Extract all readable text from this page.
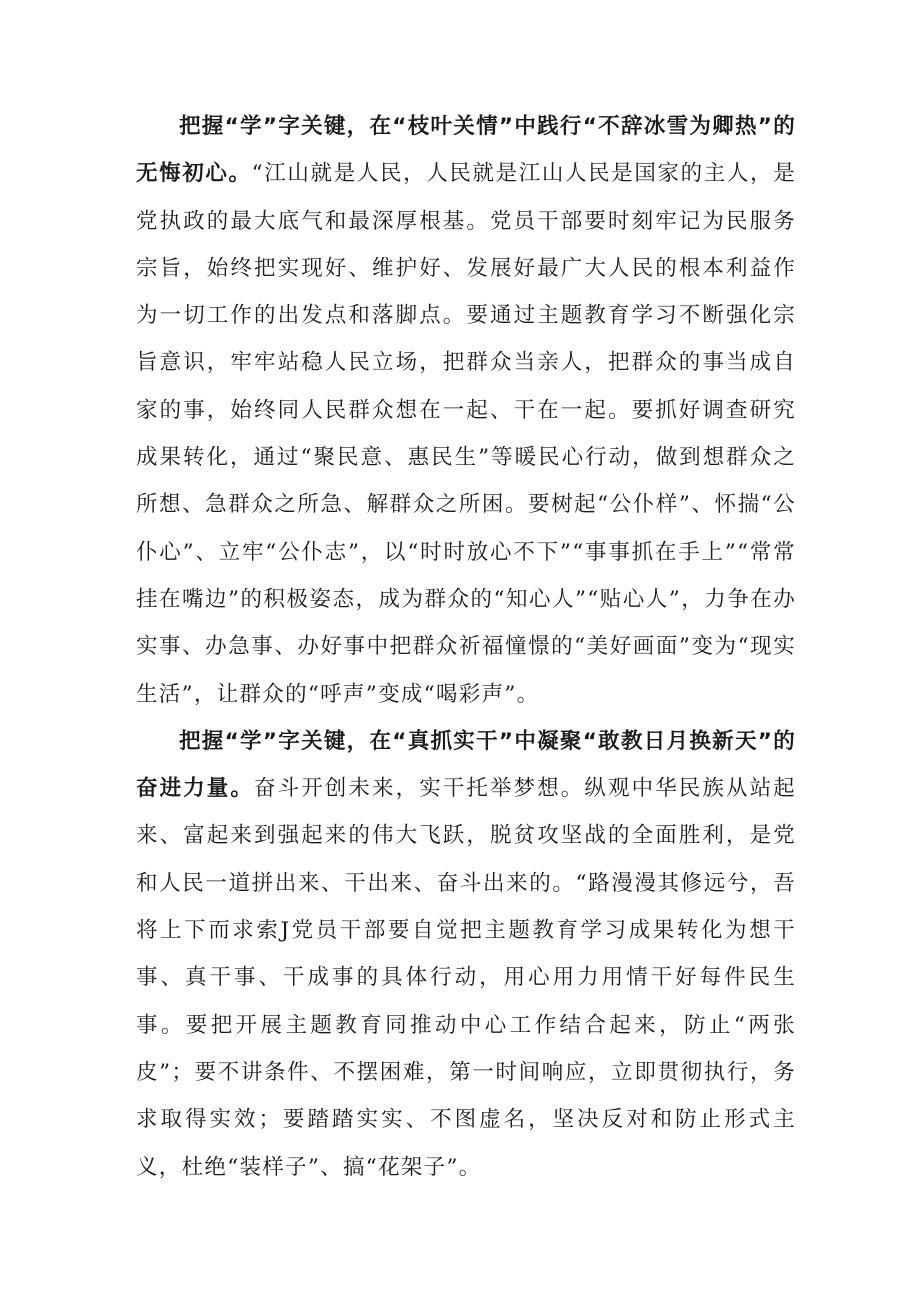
把握“学”字关键，在“枝叶关情”中践行“不辞冰雪为卿热”的无悔初心。“江山就是人民，人民就是江山人民是国家的主人，是党执政的最大底气和最深厚根基。党员干部要时刻牢记为民服务宗旨，始终把实现好、维护好、发展好最广大人民的根本利益作为一切工作的出发点和落脚点。要通过主题教育学习不断强化宗旨意识，牢牢站稳人民立场，把群众当亲人，把群众的事当成自家的事，始终同人民群众想在一起、干在一起。要抓好调查研究成果转化，通过“聚民意、惠民生”等暖民心行动，做到想群众之所想、急群众之所急、解群众之所困。要树起“公仆样”、怀揣“公仆心”、立牢“公仆志”，以“时时放心不下”“事事抓在手上”“常常挂在嘴边”的积极姿态，成为群众的“知心人”“贴心人”，力争在办实事、办急事、办好事中把群众祈福憧憬的“美好画面”变为“现实生活”，让群众的“呼声”变成“喝彩声”。

把握“学”字关键，在“真抓实干”中凝聚“敢教日月换新天”的奋进力量。奋斗开创未来，实干托举梦想。纵观中华民族从站起来、富起来到强起来的伟大飞跃，脱贫攻坚战的全面胜利，是党和人民一道拼出来、干出来、奋斗出来的。“路漫漫其修远兮，吾将上下而求索J党员干部要自觉把主题教育学习成果转化为想干事、真干事、干成事的具体行动，用心用力用情干好每件民生事。要把开展主题教育同推动中心工作结合起来，防止“两张皮”；要不讲条件、不摆困难，第一时间响应，立即贯彻执行，务求取得实效；要踏踏实实、不图虚名，坚决反对和防止形式主义，杜绝“装样子”、搞“花架子”。
